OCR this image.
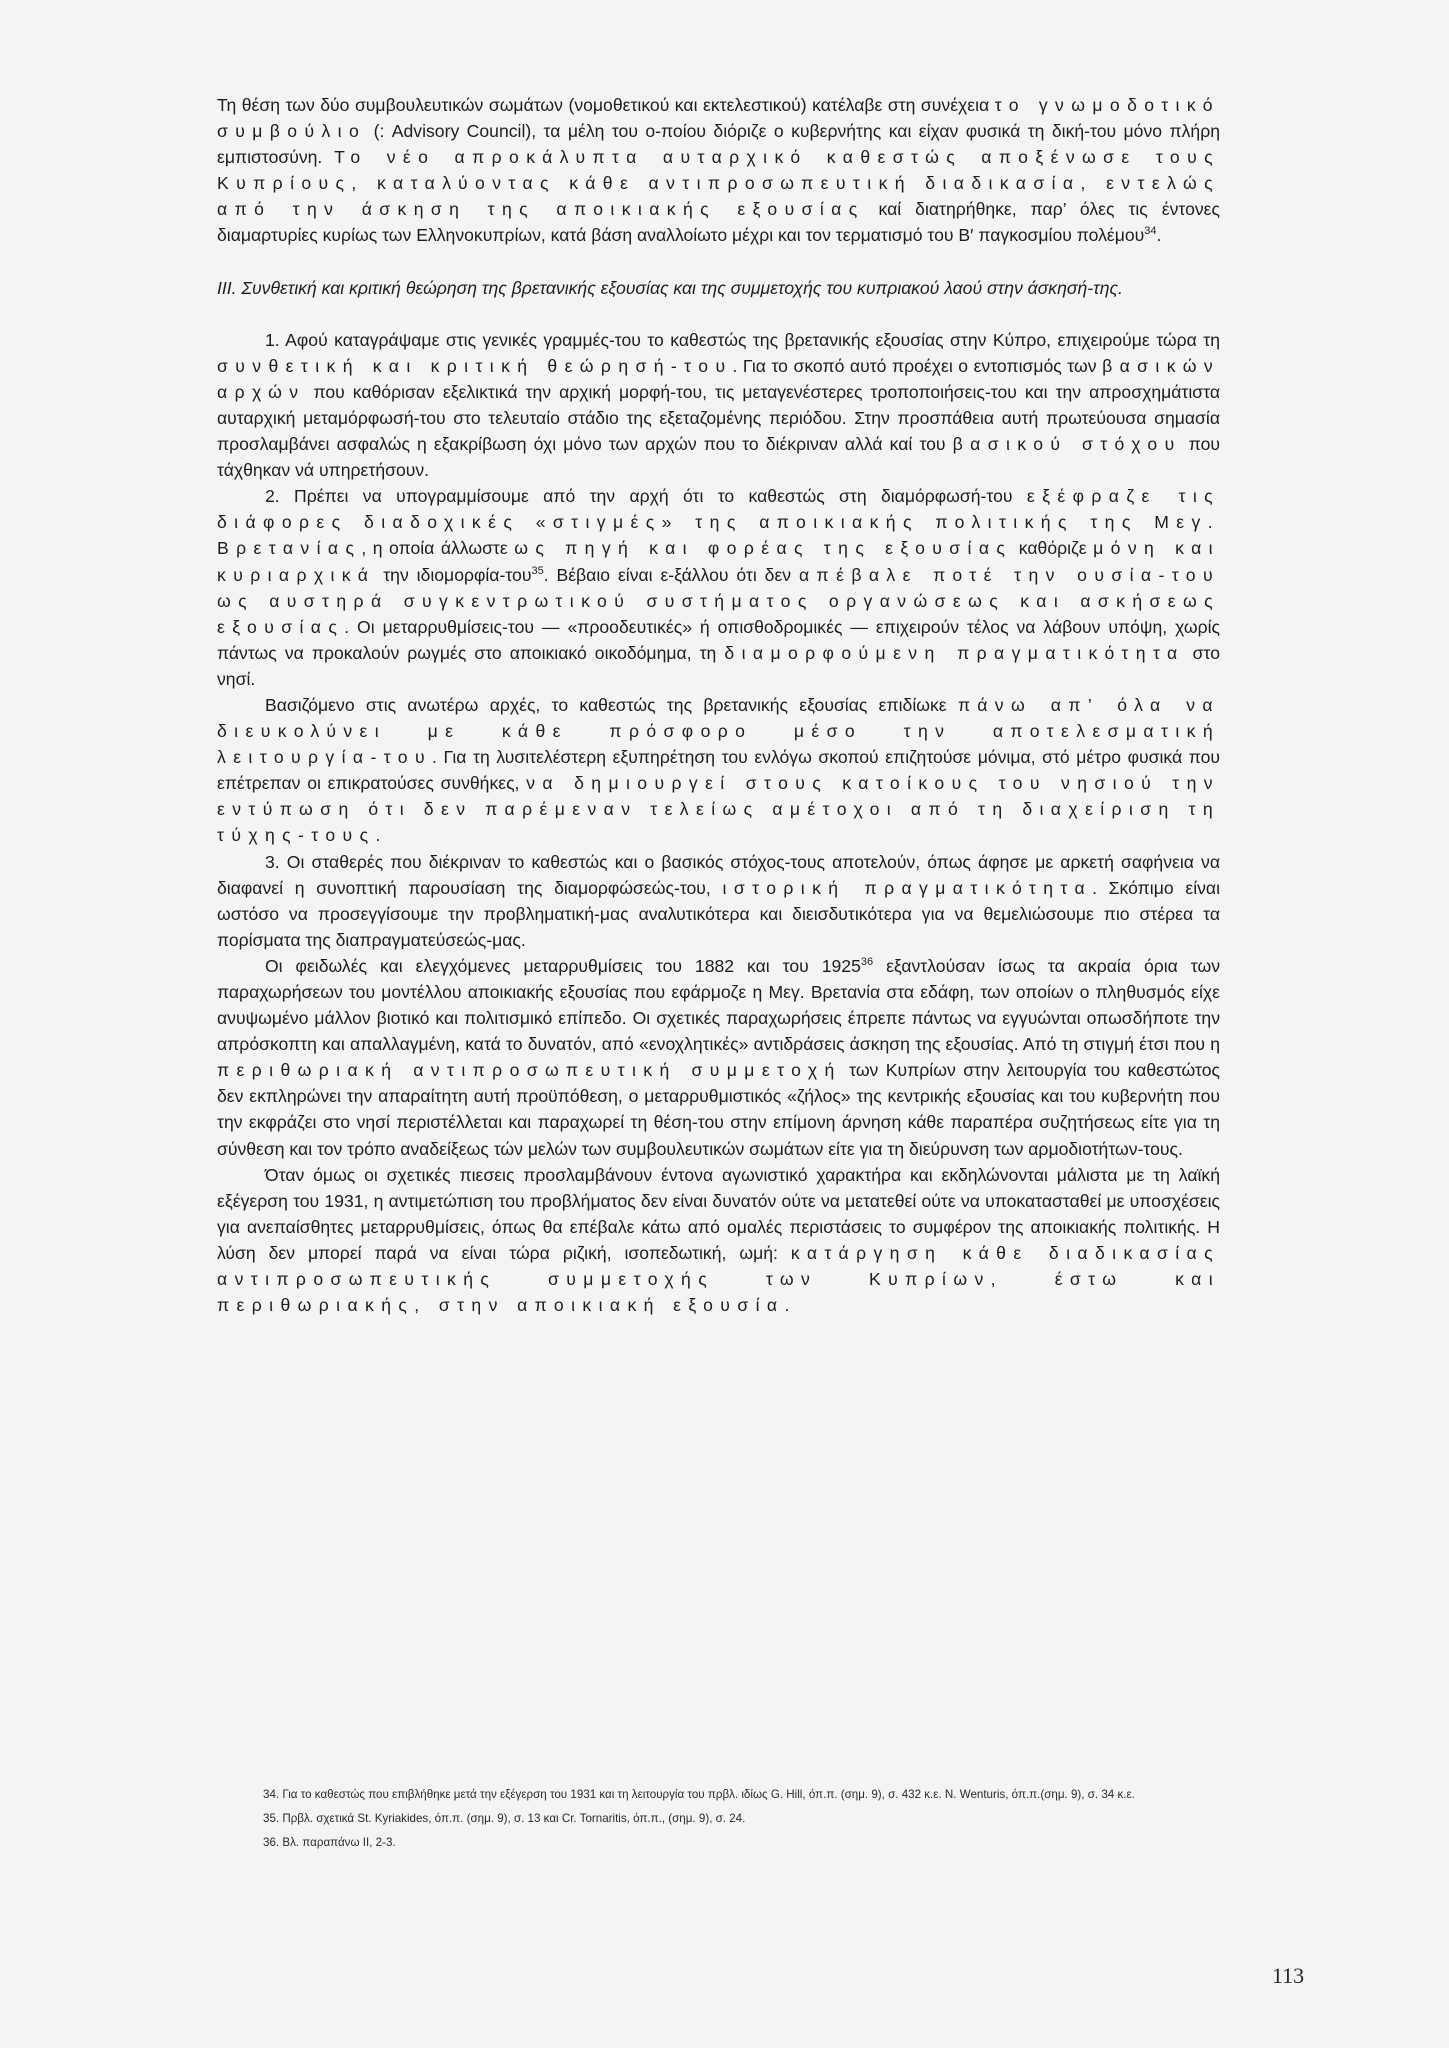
Τη θέση των δύο συμβουλευτικών σωμάτων (νομοθετικού και εκτελεστικού) κατέλαβε στη συνέχεια το γνωμοδοτικό συμβούλιο (: Advisory Council), τα μέλη του ο-ποίου διόριζε ο κυβερνήτης και είχαν φυσικά τη δική-του μόνο πλήρη εμπιστοσύνη. Το νέο απροκάλυπτα αυταρχικό καθεστώς αποξένωσε τους Κυπρίους, καταλύοντας κάθε αντιπροσωπευτική διαδικασία, εντελώς από την άσκηση της αποικιακής εξουσίας καί διατηρήθηκε, παρ’ όλες τις έντονες διαμαρτυρίες κυρίως των Ελληνοκυπρίων, κατά βάση αναλλοίωτο μέχρι και τον τερματισμό του Β′ παγκοσμίου πολέμου$^{34}$.

III. Συνθετική και κριτική θεώρηση της βρετανικής εξουσίας και της συμμετοχής του κυπριακού λαού στην άσκησή-της.

1. Αφού καταγράψαμε στις γενικές γραμμές-του το καθεστώς της βρετανικής εξουσίας στην Κύπρο, επιχειρούμε τώρα τη συνθετική και κριτική θεώρησή-του. Για το σκοπό αυτό προέχει ο εντοπισμός των βασικών αρχών που καθόρισαν εξελικτικά την αρχική μορφή-του, τις μεταγενέστερες τροποποιήσεις-του και την απροσχημάτιστα αυταρχική μεταμόρφωσή-του στο τελευταίο στάδιο της εξεταζομένης περιόδου. Στην προσπάθεια αυτή πρωτεύουσα σημασία προσλαμβάνει ασφαλώς η εξακρίβωση όχι μόνο των αρχών που το διέκριναν αλλά καί του βασικού στόχου που τάχθηκαν νά υπηρετήσουν.

2. Πρέπει να υπογραμμίσουμε από την αρχή ότι το καθεστώς στη διαμόρφωσή-του εξέφραζε τις διάφορες διαδοχικές «στιγμές» της αποικιακής πολιτικής της Μεγ. Βρετανίας, η οποία άλλωστε ως πηγή και φορέας της εξουσίας καθόριζε μόνη και κυριαρχικά την ιδιομορφία-του$^{35}$. Βέβαιο είναι ε-ξάλλου ότι δεν απέβαλε ποτέ την ουσία-του ως αυστηρά συγκεντρωτικού συστήματος οργανώσεως και ασκήσεως εξουσίας. Οι μεταρρυθμίσεις-του — «προοδευτικές» ή οπισθοδρομικές — επιχειρούν τέλος να λάβουν υπόψη, χωρίς πάντως να προκαλούν ρωγμές στο αποικιακό οικοδόμημα, τη διαμορφούμενη πραγματικότητα στο νησί.

Βασιζόμενο στις ανωτέρω αρχές, το καθεστώς της βρετανικής εξουσίας επιδίωκε πάνω απ’ όλα να διευκολύνει με κάθε πρόσφορο μέσο την αποτελεσματική λειτουργία-του. Για τη λυσιτελέστερη εξυπηρέτηση του ενλόγω σκοπού επιζητούσε μόνιμα, στό μέτρο φυσικά που επέτρεπαν οι επικρατούσες συνθήκες, να δημιουργεί στους κατοίκους του νησιού την εντύπωση ότι δεν παρέμεναν τελείως αμέτοχοι από τη διαχείριση τη τύχης-τους.

3. Οι σταθερές που διέκριναν το καθεστώς και ο βασικός στόχος-τους αποτελούν, όπως άφησε με αρκετή σαφήνεια να διαφανεί η συνοπτική παρουσίαση της διαμορφώσεώς-του, ιστορική πραγματικότητα. Σκόπιμο είναι ωστόσο να προσεγγίσουμε την προβληματική-μας αναλυτικότερα και διεισδυτικότερα για να θεμελιώσουμε πιο στέρεα τα πορίσματα της διαπραγματεύσεώς-μας.

Οι φειδωλές και ελεγχόμενες μεταρρυθμίσεις του 1882 και του 1925$^{36}$ εξαντλούσαν ίσως τα ακραία όρια των παραχωρήσεων του μοντέλλου αποικιακής εξουσίας που εφάρμοζε η Μεγ. Βρετανία στα εδάφη, των οποίων ο πληθυσμός είχε ανυψωμένο μάλλον βιοτικό και πολιτισμικό επίπεδο. Οι σχετικές παραχωρήσεις έπρεπε πάντως να εγγυώνται οπωσδήποτε την απρόσκοπτη και απαλλαγμένη, κατά το δυνατόν, από «ενοχλητικές» αντιδράσεις άσκηση της εξουσίας. Από τη στιγμή έτσι που η περιθωριακή αντιπροσωπευτική συμμετοχή των Κυπρίων στην λειτουργία του καθεστώτος δεν εκπληρώνει την απαραίτητη αυτή προϋπόθεση, ο μεταρρυθμιστικός «ζήλος» της κεντρικής εξουσίας και του κυβερνήτη που την εκφράζει στο νησί περιστέλλεται και παραχωρεί τη θέση-του στην επίμονη άρνηση κάθε παραπέρα συζητήσεως είτε για τη σύνθεση και τον τρόπο αναδείξεως τών μελών των συμβουλευτικών σωμάτων είτε για τη διεύρυνση των αρμοδιοτήτων-τους.

Όταν όμως οι σχετικές πιεσεις προσλαμβάνουν έντονα αγωνιστικό χαρακτήρα και εκδηλώνονται μάλιστα με τη λαϊκή εξέγερση του 1931, η αντιμετώπιση του προβλήματος δεν είναι δυνατόν ούτε να μετατεθεί ούτε να υποκατασταθεί με υποσχέσεις για ανεπαίσθητες μεταρρυθμίσεις, όπως θα επέβαλε κάτω από ομαλές περιστάσεις το συμφέρον της αποικιακής πολιτικής. Η λύση δεν μπορεί παρά να είναι τώρα ριζική, ισοπεδωτική, ωμή: κατάργηση κάθε διαδικασίας αντιπροσωπευτικής συμμετοχής των Κυπρίων, έστω και περιθωριακής, στην αποικιακή εξουσία.

34. Για το καθεστώς που επιβλήθηκε μετά την εξέγερση του 1931 και τη λειτουργία του πρβλ. ιδίως G. Hill, όπ.π. (σημ. 9), σ. 432 κ.ε. N. Wenturis, όπ.π.(σημ. 9), σ. 34 κ.ε.

35. Πρβλ. σχετικά St. Kyriakides, όπ.π. (σημ. 9), σ. 13 και Cr. Tornaritis, όπ.π., (σημ. 9), σ. 24.

36. Βλ. παραπάνω II, 2-3.

113
